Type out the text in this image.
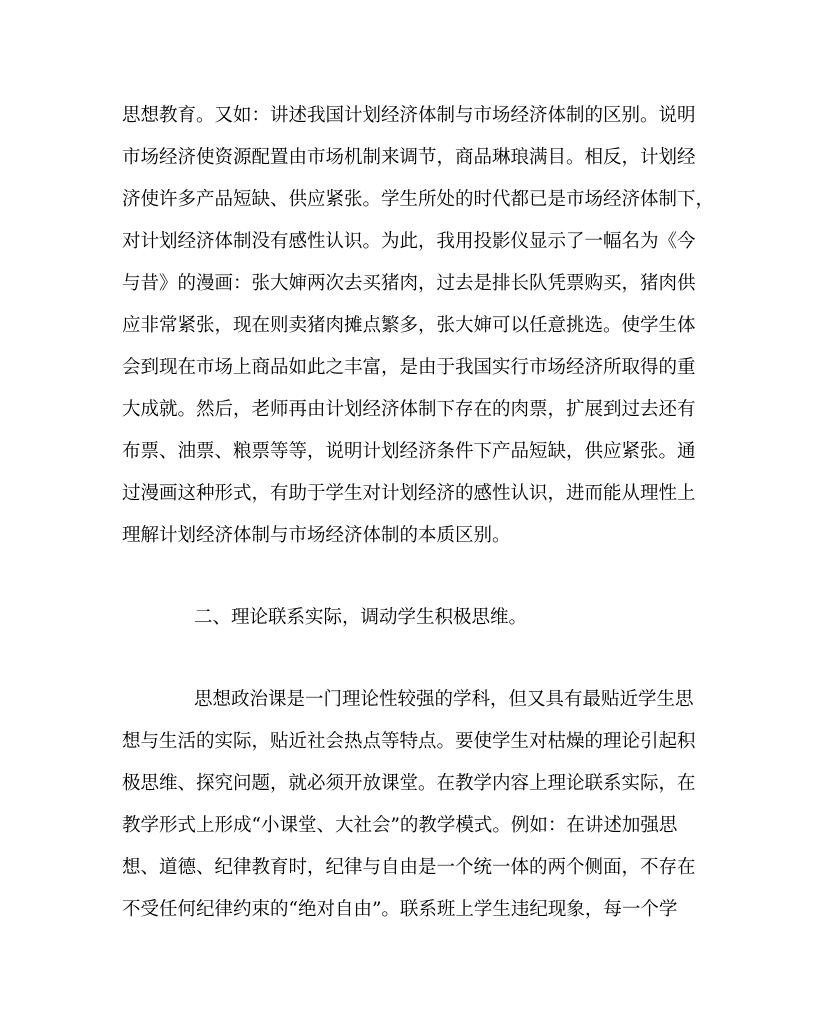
思想教育。又如：讲述我国计划经济体制与市场经济体制的区别。说明
市场经济使资源配置由市场机制来调节，商品琳琅满目。相反，计划经
济使许多产品短缺、供应紧张。学生所处的时代都已是市场经济体制下，
对计划经济体制没有感性认识。为此，我用投影仪显示了一幅名为《今
与昔》的漫画：张大婶两次去买猪肉，过去是排长队凭票购买，猪肉供
应非常紧张，现在则卖猪肉摊点繁多，张大婶可以任意挑选。使学生体
会到现在市场上商品如此之丰富，是由于我国实行市场经济所取得的重
大成就。然后，老师再由计划经济体制下存在的肉票，扩展到过去还有
布票、油票、粮票等等，说明计划经济条件下产品短缺，供应紧张。通
过漫画这种形式，有助于学生对计划经济的感性认识，进而能从理性上
理解计划经济体制与市场经济体制的本质区别。
二、理论联系实际，调动学生积极思维。
思想政治课是一门理论性较强的学科，但又具有最贴近学生思
想与生活的实际，贴近社会热点等特点。要使学生对枯燥的理论引起积
极思维、探究问题，就必须开放课堂。在教学内容上理论联系实际，在
教学形式上形成“小课堂、大社会”的教学模式。例如：在讲述加强思
想、道德、纪律教育时，纪律与自由是一个统一体的两个侧面，不存在
不受任何纪律约束的“绝对自由”。联系班上学生违纪现象，每一个学
